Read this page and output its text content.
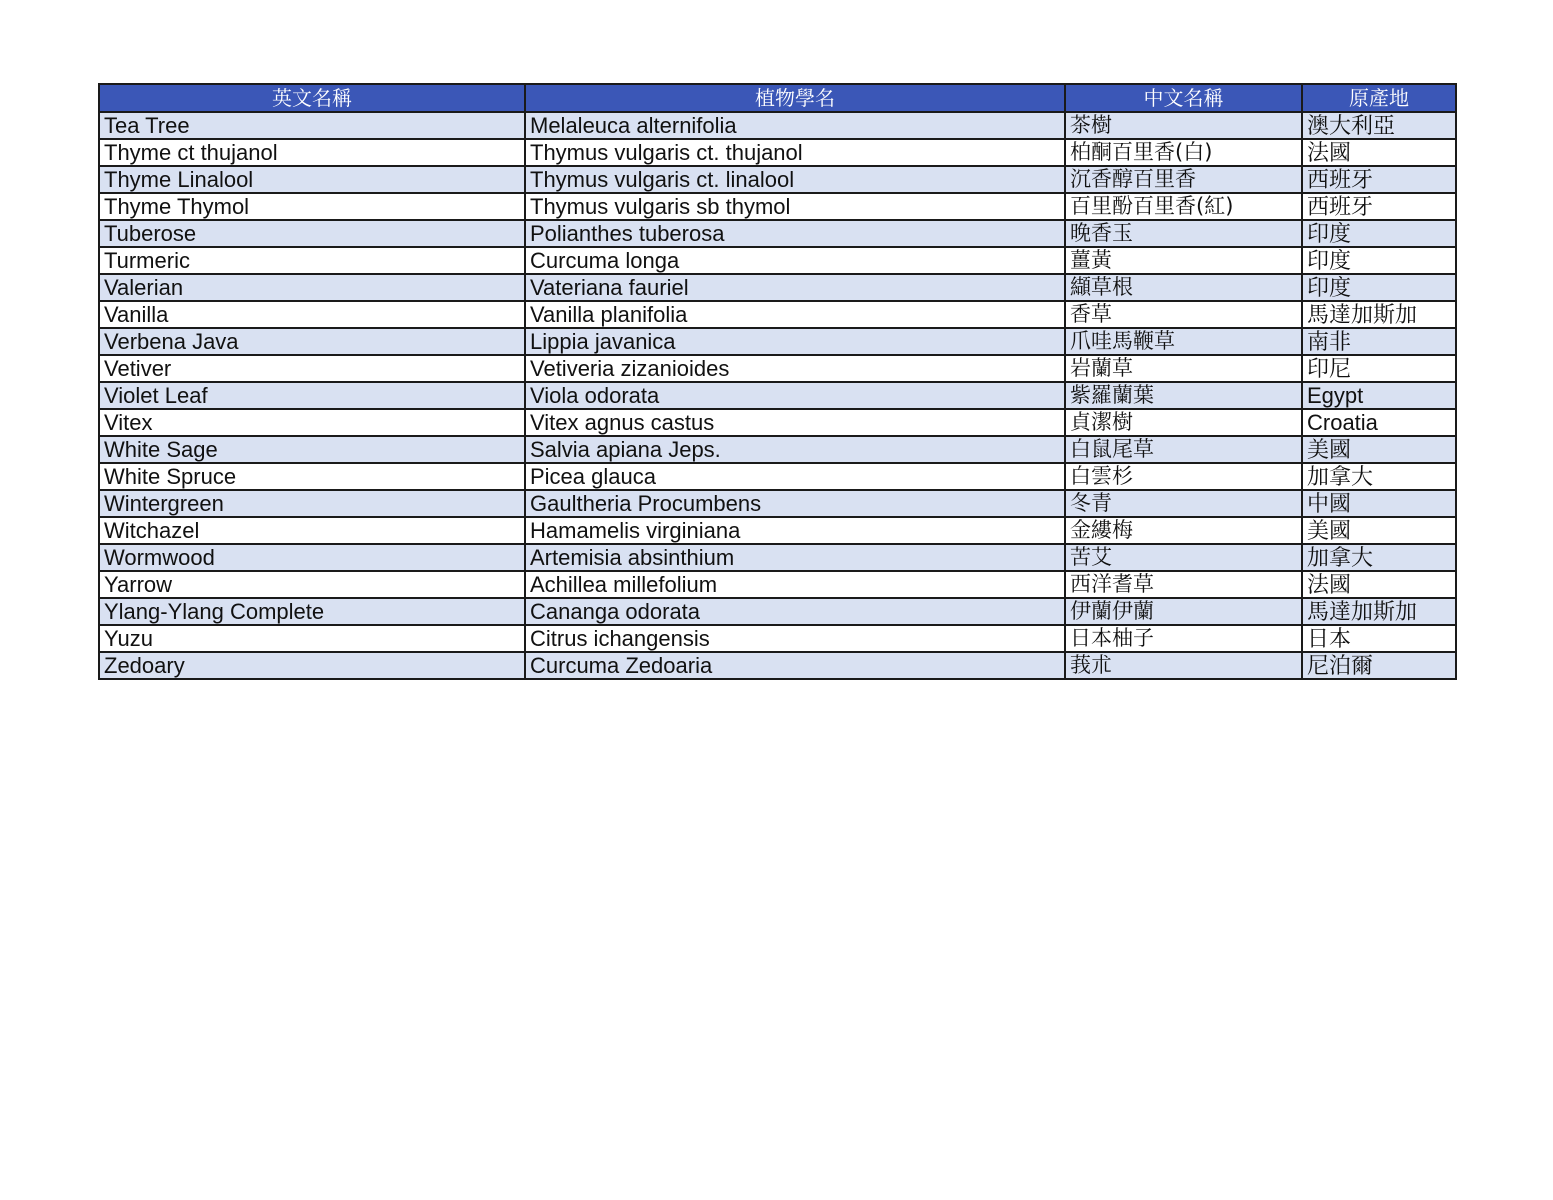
英文名稱	植物學名	中文名稱	原產地
Tea Tree	Melaleuca alternifolia	茶樹	澳大利亞
Thyme ct thujanol	Thymus vulgaris ct. thujanol	柏酮百里香(白)	法國
Thyme Linalool	Thymus vulgaris ct. linalool	沉香醇百里香	西班牙
Thyme Thymol	Thymus vulgaris sb thymol	百里酚百里香(紅)	西班牙
Tuberose	Polianthes tuberosa	晚香玉	印度
Turmeric	Curcuma longa	薑黃	印度
Valerian	Vateriana fauriel	纈草根	印度
Vanilla	Vanilla planifolia	香草	馬達加斯加
Verbena Java	Lippia javanica	爪哇馬鞭草	南非
Vetiver	Vetiveria zizanioides	岩蘭草	印尼
Violet Leaf	Viola odorata	紫羅蘭葉	Egypt
Vitex	Vitex agnus castus	貞潔樹	Croatia
White Sage	Salvia apiana Jeps.	白鼠尾草	美國
White Spruce	Picea glauca	白雲杉	加拿大
Wintergreen	Gaultheria Procumbens	冬青	中國
Witchazel	Hamamelis virginiana	金縷梅	美國
Wormwood	Artemisia absinthium	苦艾	加拿大
Yarrow	Achillea millefolium	西洋耆草	法國
Ylang-Ylang Complete	Cananga odorata	伊蘭伊蘭	馬達加斯加
Yuzu	Citrus ichangensis	日本柚子	日本
Zedoary	Curcuma Zedoaria	莪朮	尼泊爾
